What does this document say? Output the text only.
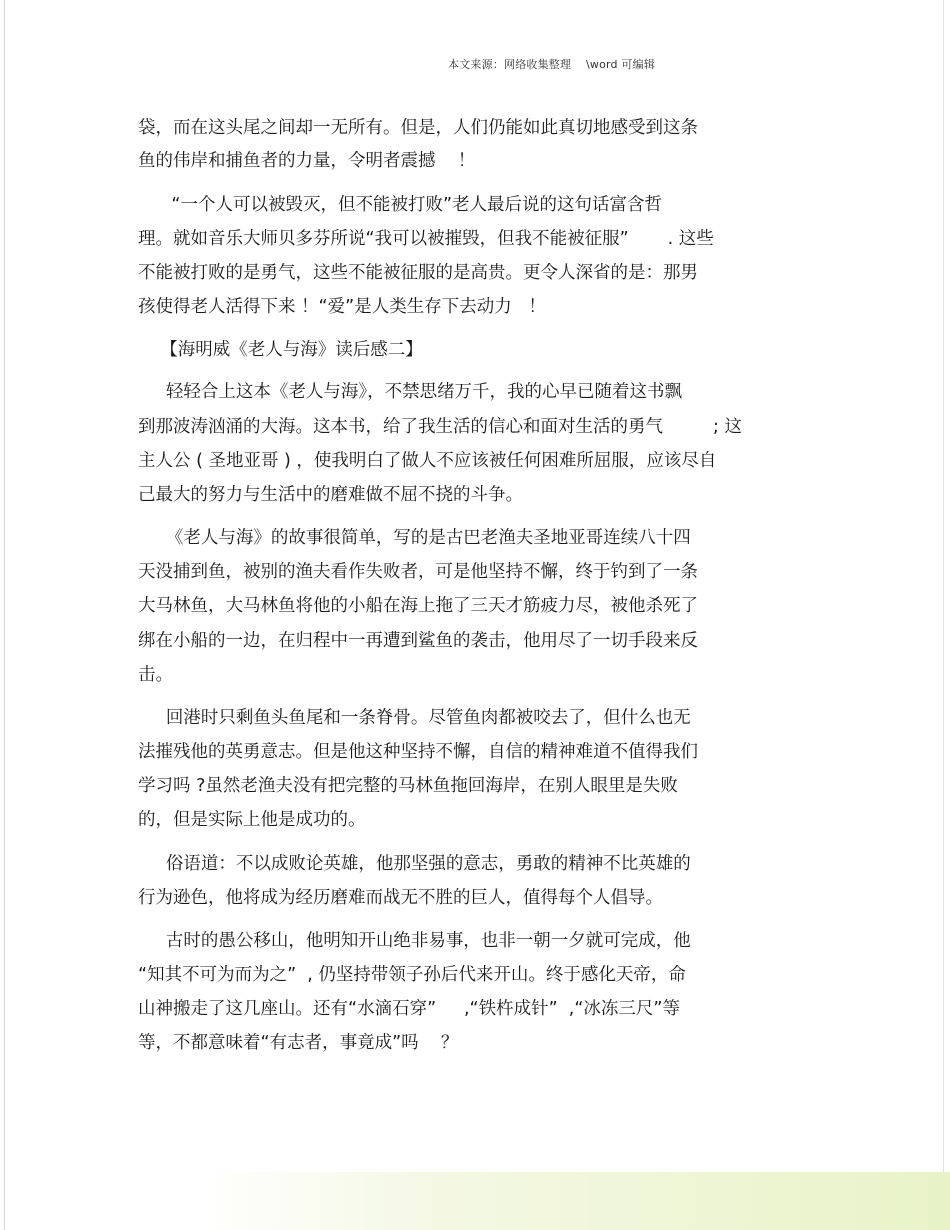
本文来源：网络收集整理    \word 可编辑
袋，而在这头尾之间却一无所有。但是，人们仍能如此真切地感受到这条
鱼的伟岸和捕鱼者的力量，令明者震撼    ！
“一个人可以被毁灭，但不能被打败”老人最后说的这句话富含哲
理。就如音乐大师贝多芬所说“我可以被摧毁，但我不能被征服”       . 这些
不能被打败的是勇气，这些不能被征服的是高贵。更令人深省的是：那男
孩使得老人活得下来 ！“爱”是人类生存下去动力   ！
【海明威《老人与海》读后感二】
轻轻合上这本《老人与海》，不禁思绪万千，我的心早已随着这书飘
到那波涛汹涌的大海。这本书，给了我生活的信心和面对生活的勇气         ; 这
主人公 ( 圣地亚哥 ) ，使我明白了做人不应该被任何困难所屈服，应该尽自
己最大的努力与生活中的磨难做不屈不挠的斗争。
《老人与海》的故事很简单，写的是古巴老渔夫圣地亚哥连续八十四
天没捕到鱼，被别的渔夫看作失败者，可是他坚持不懈，终于钓到了一条
大马林鱼，大马林鱼将他的小船在海上拖了三天才筋疲力尽，被他杀死了
绑在小船的一边，在归程中一再遭到鲨鱼的袭击，他用尽了一切手段来反
击。
回港时只剩鱼头鱼尾和一条脊骨。尽管鱼肉都被咬去了，但什么也无
法摧残他的英勇意志。但是他这种坚持不懈，自信的精神难道不值得我们
学习吗 ?虽然老渔夫没有把完整的马林鱼拖回海岸，在别人眼里是失败
的，但是实际上他是成功的。
俗语道：不以成败论英雄，他那坚强的意志，勇敢的精神不比英雄的
行为逊色，他将成为经历磨难而战无不胜的巨人，值得每个人倡导。
古时的愚公移山，他明知开山绝非易事，也非一朝一夕就可完成，他
“知其不可为而为之”  , 仍坚持带领子孙后代来开山。终于感化天帝，命
山神搬走了这几座山。还有“水滴石穿”     ,“铁杵成针”  ,“冰冻三尺”等
等，不都意味着“有志者，事竟成”吗    ？
